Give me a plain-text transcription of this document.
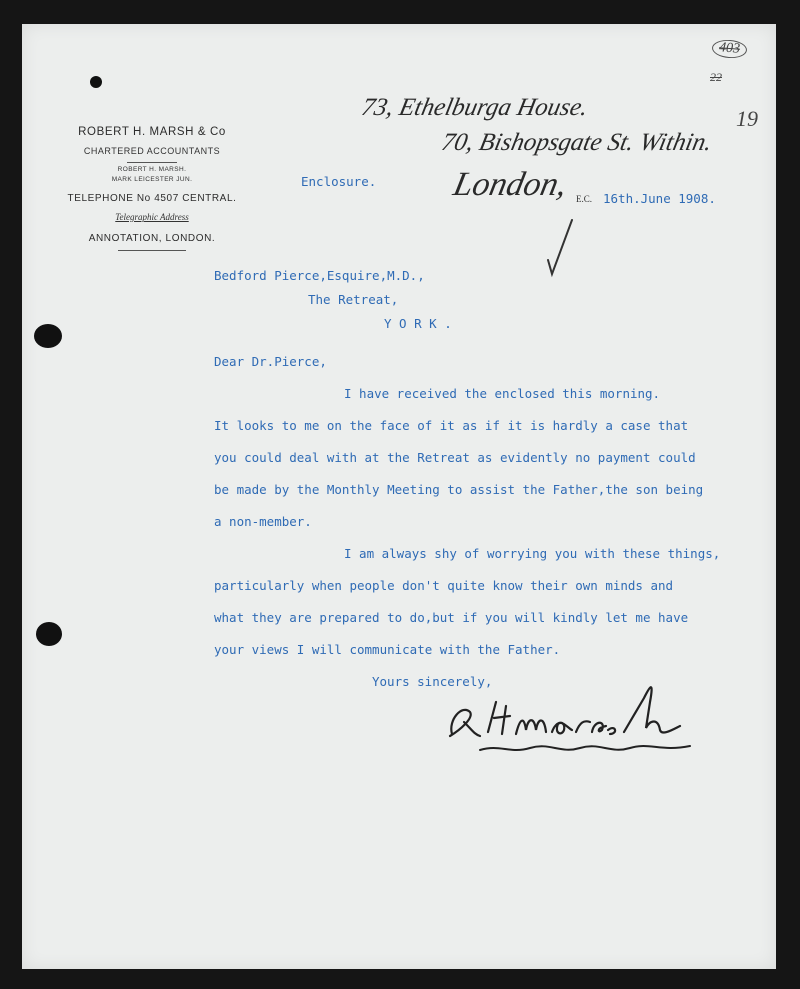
403
22
19
ROBERT H. MARSH & Co
CHARTERED ACCOUNTANTS
ROBERT H. MARSH.
MARK LEICESTER JUN.
TELEPHONE No 4507 CENTRAL.
Telegraphic Address
ANNOTATION, LONDON.
73, Ethelburga House.
70, Bishopsgate St. Within.
London, E.C.
Enclosure.
16th.June 1908.
Bedford Pierce,Esquire,M.D.,
The Retreat,
Y O R K .
Dear Dr.Pierce,
I have received the enclosed this morning.
It looks to me on the face of it as if it is hardly a case that
you could deal with at the Retreat as evidently no payment could
be made by the Monthly Meeting to assist the Father,the son being
a non-member.
I am always shy of worrying you with these things,
particularly when people don't quite know their own minds and
what they are prepared to do,but if you will kindly let me have
your views I will communicate with the Father.
Yours sincerely,
